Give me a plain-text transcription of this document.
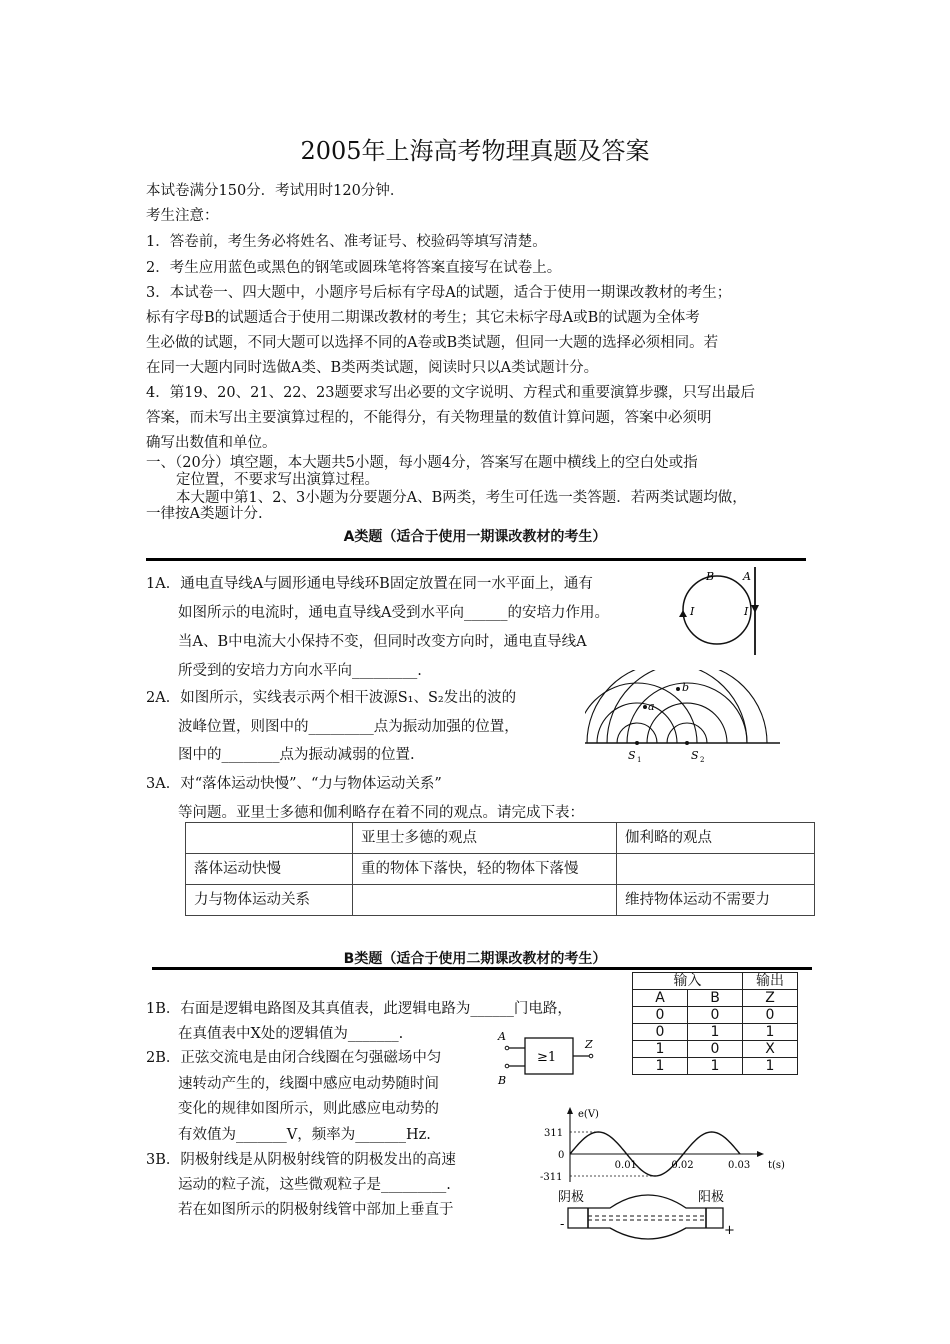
2005年上海高考物理真题及答案
本试卷满分150分．考试用时120分钟．
考生注意：
1．答卷前，考生务必将姓名、准考证号、校验码等填写清楚。
2．考生应用蓝色或黑色的钢笔或圆珠笔将答案直接写在试卷上。
3．本试卷一、四大题中，小题序号后标有字母A的试题，适合于使用一期课改教材的考生；
标有字母B的试题适合于使用二期课改教材的考生；其它未标字母A或B的试题为全体考
生必做的试题，不同大题可以选择不同的A卷或B类试题，但同一大题的选择必须相同。若
在同一大题内同时选做A类、B类两类试题，阅读时只以A类试题计分。
4．第19、20、21、22、23题要求写出必要的文字说明、方程式和重要演算步骤，只写出最后
答案，而未写出主要演算过程的，不能得分，有关物理量的数值计算问题，答案中必须明
确写出数值和单位。
一、（20分）填空题，本大题共5小题，每小题4分，答案写在题中横线上的空白处或指
定位置，不要求写出演算过程。
本大题中第1、2、3小题为分要题分A、B两类，考生可任选一类答题．若两类试题均做，
一律按A类题计分.
A类题（适合于使用一期课改教材的考生）
1A．通电直导线A与圆形通电导线环B固定放置在同一水平面上，通有
如图所示的电流时，通电直导线A受到水平向______的安培力作用。
当A、B中电流大小保持不变，但同时改变方向时，通电直导线A
所受到的安培力方向水平向_________.
B	A
I	I
2A．如图所示，实线表示两个相干波源S₁、S₂发出的波的
波峰位置，则图中的_________点为振动加强的位置，
图中的________点为振动减弱的位置.
a
b
S 1	S 2
3A．对“落体运动快慢”、“力与物体运动关系”
等问题。亚里士多德和伽利略存在着不同的观点。请完成下表：
	亚里士多德的观点	伽利略的观点
落体运动快慢	重的物体下落快，轻的物体下落慢	
力与物体运动关系		维持物体运动不需要力
B类题（适合于使用二期课改教材的考生）
输入		输出
A	B	Z
0	0	0
0	1	1
1	0	X
1	1	1
1B．右面是逻辑电路图及其真值表，此逻辑电路为______门电路，
在真值表中X处的逻辑值为_______.
≥1
A
B
Z
2B．正弦交流电是由闭合线圈在匀强磁场中匀
速转动产生的，线圈中感应电动势随时间
变化的规律如图所示，则此感应电动势的
有效值为_______V，频率为_______Hz.
e(V)
t(s)
311
0
-311
0.01	0.02	0.03
3B．阴极射线是从阴极射线管的阴极发出的高速
运动的粒子流，这些微观粒子是_________.
若在如图所示的阴极射线管中部加上垂直于
阴极	阳极
-	+
